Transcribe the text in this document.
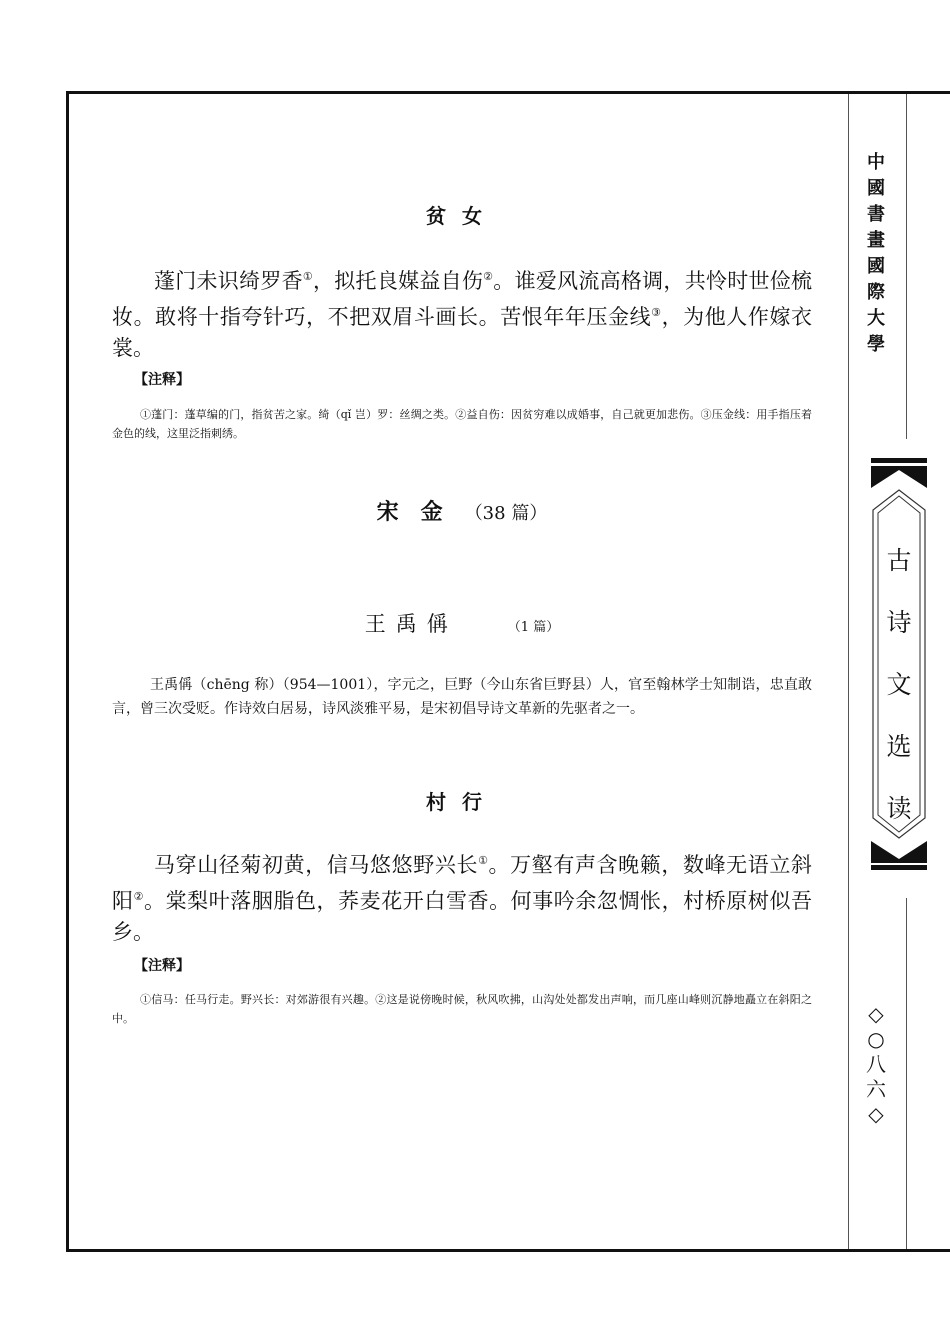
贫女

蓬门未识绮罗香①，拟托良媒益自伤②。谁爱风流高格调，共怜时世俭梳妆。敢将十指夸针巧，不把双眉斗画长。苦恨年年压金线③，为他人作嫁衣裳。

【注释】

①蓬门：蓬草编的门，指贫苦之家。绮（qǐ 岂）罗：丝绸之类。②益自伤：因贫穷难以成婚事，自己就更加悲伤。③压金线：用手指压着金色的线，这里泛指刺绣。

宋金（38 篇）
王禹偁	（1 篇）

王禹偁（chēng 称）（954—1001），字元之，巨野（今山东省巨野县）人，官至翰林学士知制诰，忠直敢言，曾三次受贬。作诗效白居易，诗风淡雅平易，是宋初倡导诗文革新的先驱者之一。

村行

马穿山径菊初黄，信马悠悠野兴长①。万壑有声含晚籁，数峰无语立斜阳②。棠梨叶落胭脂色，荞麦花开白雪香。何事吟余忽惆怅，村桥原树似吾乡。

【注释】

①信马：任马行走。野兴长：对郊游很有兴趣。②这是说傍晚时候，秋风吹拂，山沟处处都发出声响，而几座山峰则沉静地矗立在斜阳之中。

中
國
書
畫
國
際
大
學
古
诗
文
选
读
◇
○
八
六
◇
